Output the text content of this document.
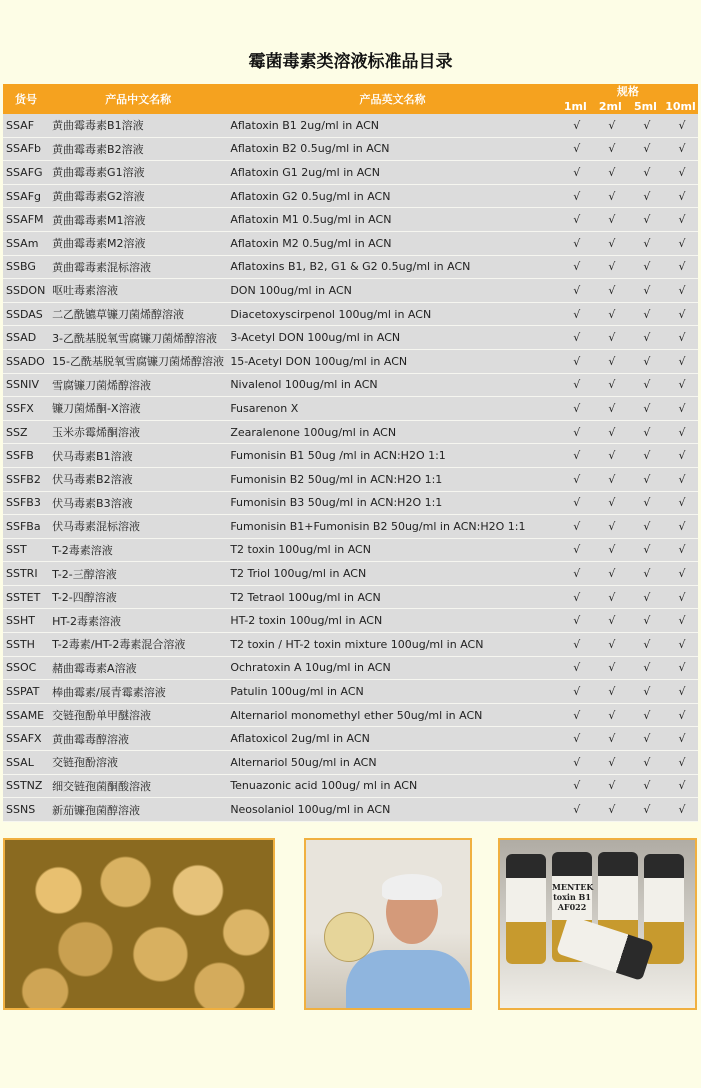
霉菌毒素类溶液标准品目录
货号	产品中文名称	产品英文名称	规格			
			1ml	2ml	5ml	10ml
SSAF	黄曲霉毒素B1溶液	Aflatoxin B1 2ug/ml in ACN	√	√	√	√
SSAFb	黄曲霉毒素B2溶液	Aflatoxin B2 0.5ug/ml in ACN	√	√	√	√
SSAFG	黄曲霉毒素G1溶液	Aflatoxin G1 2ug/ml in ACN	√	√	√	√
SSAFg	黄曲霉毒素G2溶液	Aflatoxin G2 0.5ug/ml in ACN	√	√	√	√
SSAFM	黄曲霉毒素M1溶液	Aflatoxin M1 0.5ug/ml in ACN	√	√	√	√
SSAm	黄曲霉毒素M2溶液	Aflatoxin M2 0.5ug/ml in ACN	√	√	√	√
SSBG	黄曲霉毒素混标溶液	Aflatoxins B1, B2, G1 & G2 0.5ug/ml in ACN	√	√	√	√
SSDON	呕吐毒素溶液	DON 100ug/ml in ACN	√	√	√	√
SSDAS	二乙酰镳草镰刀菌烯醇溶液	Diacetoxyscirpenol 100ug/ml in ACN	√	√	√	√
SSAD	3-乙酰基脱氧雪腐镰刀菌烯醇溶液	3-Acetyl DON 100ug/ml in ACN	√	√	√	√
SSADO	15-乙酰基脱氧雪腐镰刀菌烯醇溶液	15-Acetyl DON 100ug/ml in ACN	√	√	√	√
SSNIV	雪腐镰刀菌烯醇溶液	Nivalenol 100ug/ml in ACN	√	√	√	√
SSFX	镰刀菌烯酮-X溶液	Fusarenon X	√	√	√	√
SSZ	玉米赤霉烯酮溶液	Zearalenone 100ug/ml in ACN	√	√	√	√
SSFB	伏马毒素B1溶液	Fumonisin B1 50ug /ml in ACN:H2O 1:1	√	√	√	√
SSFB2	伏马毒素B2溶液	Fumonisin B2 50ug/ml in ACN:H2O 1:1	√	√	√	√
SSFB3	伏马毒素B3溶液	Fumonisin B3 50ug/ml in ACN:H2O 1:1	√	√	√	√
SSFBa	伏马毒素混标溶液	Fumonisin B1+Fumonisin B2 50ug/ml in ACN:H2O 1:1	√	√	√	√
SST	T-2毒素溶液	T2 toxin 100ug/ml in ACN	√	√	√	√
SSTRI	T-2-三醇溶液	T2 Triol 100ug/ml in ACN	√	√	√	√
SSTET	T-2-四醇溶液	T2 Tetraol 100ug/ml in ACN	√	√	√	√
SSHT	HT-2毒素溶液	HT-2 toxin 100ug/ml in ACN	√	√	√	√
SSTH	T-2毒素/HT-2毒素混合溶液	T2 toxin / HT-2 toxin mixture 100ug/ml in ACN	√	√	√	√
SSOC	赭曲霉毒素A溶液	Ochratoxin A 10ug/ml in ACN	√	√	√	√
SSPAT	棒曲霉素/展青霉素溶液	Patulin 100ug/ml in ACN	√	√	√	√
SSAME	交链孢酚单甲醚溶液	Alternariol monomethyl ether 50ug/ml in ACN	√	√	√	√
SSAFX	黄曲霉毒醇溶液	Aflatoxicol 2ug/ml in ACN	√	√	√	√
SSAL	交链孢酚溶液	Alternariol 50ug/ml in ACN	√	√	√	√
SSTNZ	细交链孢菌酮酸溶液	Tenuazonic acid 100ug/ ml in ACN	√	√	√	√
SSNS	新茄镰孢菌醇溶液	Neosolaniol 100ug/ml in ACN	√	√	√	√
MENTEK
toxin B1
AF022
